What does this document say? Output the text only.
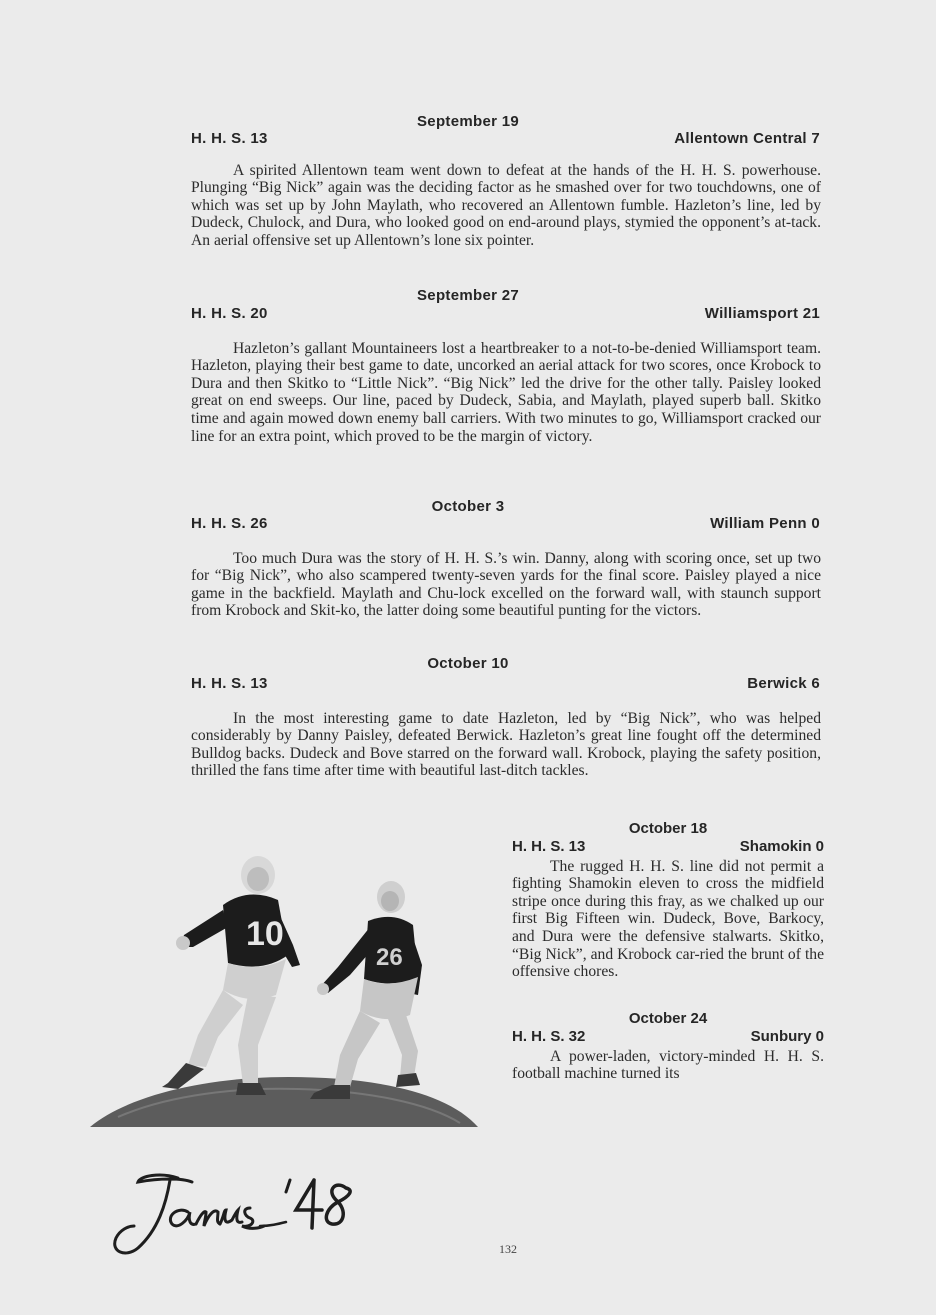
September 19
H. H. S. 13	Allentown Central 7

A spirited Allentown team went down to defeat at the hands of the H. H. S. powerhouse. Plunging “Big Nick” again was the deciding factor as he smashed over for two touchdowns, one of which was set up by John Maylath, who recovered an Allentown fumble. Hazleton’s line, led by Dudeck, Chulock, and Dura, who looked good on end-around plays, stymied the opponent’s at-tack. An aerial offensive set up Allentown’s lone six pointer.

September 27
H. H. S. 20	Williamsport 21

Hazleton’s gallant Mountaineers lost a heartbreaker to a not-to-be-denied Williamsport team. Hazleton, playing their best game to date, uncorked an aerial attack for two scores, once Krobock to Dura and then Skitko to “Little Nick”. “Big Nick” led the drive for the other tally. Paisley looked great on end sweeps. Our line, paced by Dudeck, Sabia, and Maylath, played superb ball. Skitko time and again mowed down enemy ball carriers. With two minutes to go, Williamsport cracked our line for an extra point, which proved to be the margin of victory.

October 3
H. H. S. 26	William Penn 0

Too much Dura was the story of H. H. S.’s win. Danny, along with scoring once, set up two for “Big Nick”, who also scampered twenty-seven yards for the final score. Paisley played a nice game in the backfield. Maylath and Chu-lock excelled on the forward wall, with staunch support from Krobock and Skit-ko, the latter doing some beautiful punting for the victors.

October 10
H. H. S. 13	Berwick 6

In the most interesting game to date Hazleton, led by “Big Nick”, who was helped considerably by Danny Paisley, defeated Berwick. Hazleton’s great line fought off the determined Bulldog backs. Dudeck and Bove starred on the forward wall. Krobock, playing the safety position, thrilled the fans time after time with beautiful last-ditch tackles.

October 18
H. H. S. 13	Shamokin 0

The rugged H. H. S. line did not permit a fighting Shamokin eleven to cross the midfield stripe once during this fray, as we chalked up our first Big Fifteen win. Dudeck, Bove, Barkocy, and Dura were the defensive stalwarts. Skitko, “Big Nick”, and Krobock car-ried the brunt of the offensive chores.

October 24
H. H. S. 32	Sunbury 0

A power-laden, victory-minded H. H. S. football machine turned its

10
26
132
